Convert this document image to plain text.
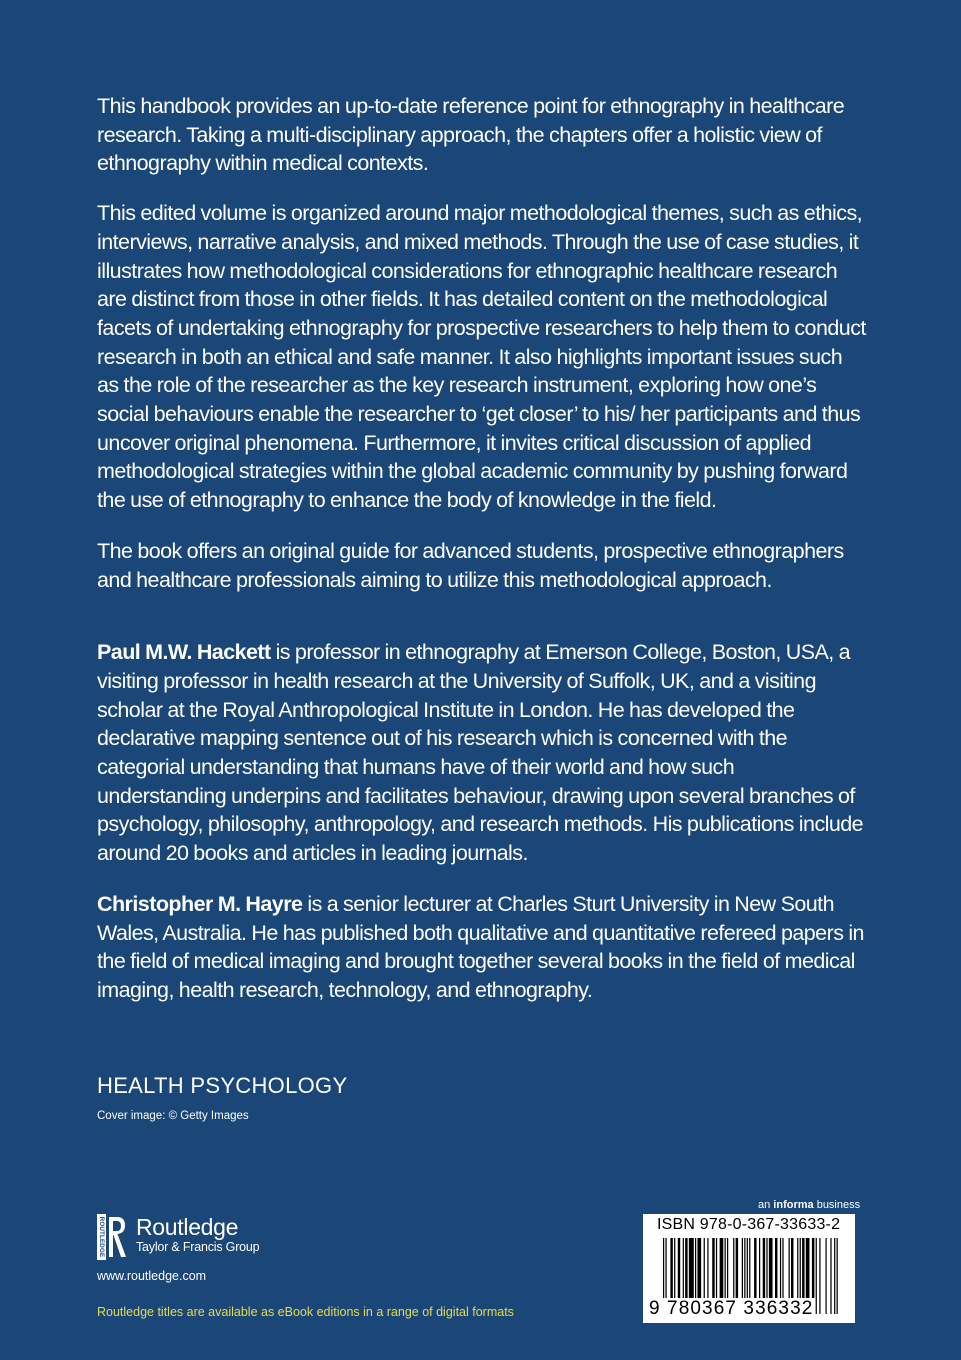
This handbook provides an up-to-date reference point for ethnography in healthcare research. Taking a multi-disciplinary approach, the chapters offer a holistic view of ethnography within medical contexts.

This edited volume is organized around major methodological themes, such as ethics, interviews, narrative analysis, and mixed methods. Through the use of case studies, it illustrates how methodological considerations for ethnographic healthcare research are distinct from those in other fields. It has detailed content on the methodological facets of undertaking ethnography for prospective researchers to help them to conduct research in both an ethical and safe manner. It also highlights important issues such as the role of the researcher as the key research instrument, exploring how one’s social behaviours enable the researcher to ‘get closer’ to his/ her participants and thus uncover original phenomena. Furthermore, it invites critical discussion of applied methodological strategies within the global academic community by pushing forward the use of ethnography to enhance the body of knowledge in the field.

The book offers an original guide for advanced students, prospective ethnographers and healthcare professionals aiming to utilize this methodological approach.

Paul M.W. Hackett is professor in ethnography at Emerson College, Boston, USA, a visiting professor in health research at the University of Suffolk, UK, and a visiting scholar at the Royal Anthropological Institute in London. He has developed the declarative mapping sentence out of his research which is concerned with the categorial understanding that humans have of their world and how such understanding underpins and facilitates behaviour, drawing upon several branches of psychology, philosophy, anthropology, and research methods. His publications include around 20 books and articles in leading journals.

Christopher M. Hayre is a senior lecturer at Charles Sturt University in New South Wales, Australia. He has published both qualitative and quantitative refereed papers in the field of medical imaging and brought together several books in the field of medical imaging, health research, technology, and ethnography.

HEALTH PSYCHOLOGY

Cover image: © Getty Images

ROUTLEDGE Routledge
Taylor & Francis Group

www.routledge.com

Routledge titles are available as eBook editions in a range of digital formats

an informa business

ISBN 978-0-367-33633-2

9 780367 336332
